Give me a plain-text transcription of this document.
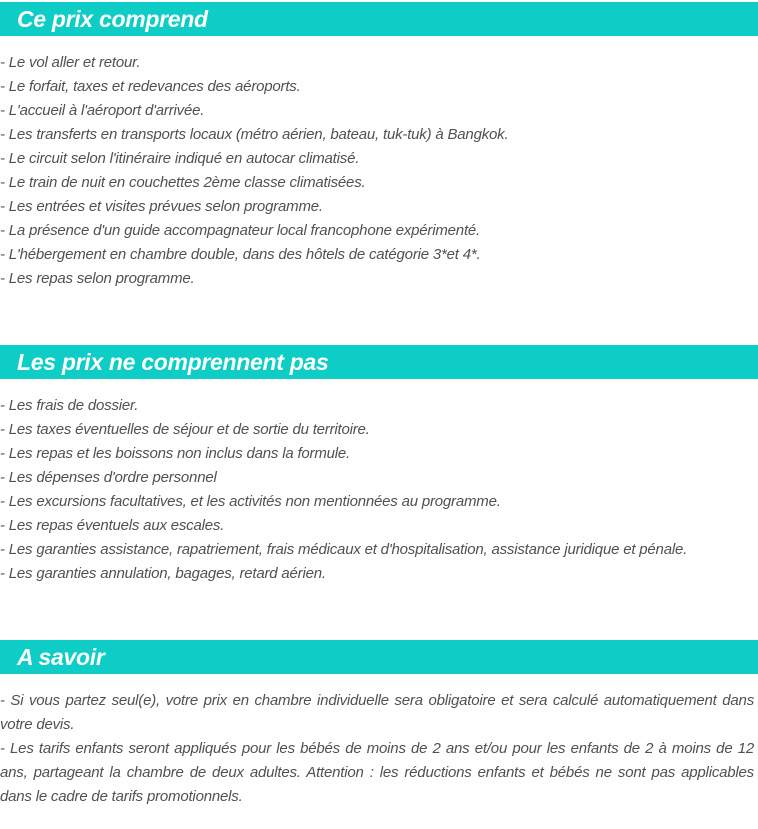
Ce prix comprend
- Le vol aller et retour.
- Le forfait, taxes et redevances des aéroports.
- L'accueil à l'aéroport d'arrivée.
- Les transferts en transports locaux (métro aérien, bateau, tuk-tuk) à Bangkok.
- Le circuit selon l'itinéraire indiqué en autocar climatisé.
- Le train de nuit en couchettes 2ème classe climatisées.
- Les entrées et visites prévues selon programme.
- La présence d'un guide accompagnateur local francophone expérimenté.
- L'hébergement en chambre double, dans des hôtels de catégorie 3*et 4*.
- Les repas selon programme.
Les prix ne comprennent pas
- Les frais de dossier.
- Les taxes éventuelles de séjour et de sortie du territoire.
- Les repas et les boissons non inclus dans la formule.
- Les dépenses d'ordre personnel
- Les excursions facultatives, et les activités non mentionnées au programme.
- Les repas éventuels aux escales.
- Les garanties assistance, rapatriement, frais médicaux et d'hospitalisation, assistance juridique et pénale.
- Les garanties annulation, bagages, retard aérien.
A savoir
- Si vous partez seul(e), votre prix en chambre individuelle sera obligatoire et sera calculé automatiquement dans votre devis.
- Les tarifs enfants seront appliqués pour les bébés de moins de 2 ans et/ou pour les enfants de 2 à moins de 12 ans, partageant la chambre de deux adultes. Attention : les réductions enfants et bébés ne sont pas applicables dans le cadre de tarifs promotionnels.
